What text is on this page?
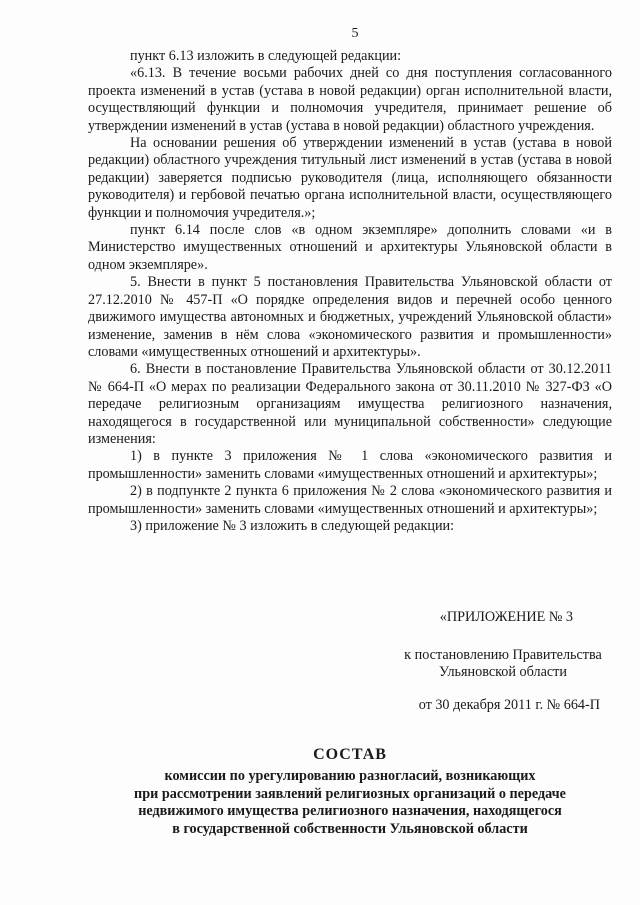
5

пункт 6.13 изложить в следующей редакции:

«6.13. В течение восьми рабочих дней со дня поступления согласованного проекта изменений в устав (устава в новой редакции) орган исполнительной власти, осуществляющий функции и полномочия учредителя, принимает решение об утверждении изменений в устав (устава в новой редакции) областного учреждения.

На основании решения об утверждении изменений в устав (устава в новой редакции) областного учреждения титульный лист изменений в устав (устава в новой редакции) заверяется подписью руководителя (лица, исполняющего обязанности руководителя) и гербовой печатью органа исполнительной власти, осуществляющего функции и полномочия учредителя.»;

пункт 6.14 после слов «в одном экземпляре» дополнить словами «и в Министерство имущественных отношений и архитектуры Ульяновской области в одном экземпляре».

5. Внести в пункт 5 постановления Правительства Ульяновской области от 27.12.2010 № 457-П «О порядке определения видов и перечней особо ценного движимого имущества автономных и бюджетных, учреждений Ульяновской области» изменение, заменив в нём слова «экономического развития и промышленности» словами «имущественных отношений и архитектуры».

6. Внести в постановление Правительства Ульяновской области от 30.12.2011 № 664-П «О мерах по реализации Федерального закона от 30.11.2010 № 327-ФЗ «О передаче религиозным организациям имущества религиозного назначения, находящегося в государственной или муниципальной собственности» следующие изменения:

1) в пункте 3 приложения № 1 слова «экономического развития и промышленности» заменить словами «имущественных отношений и архитектуры»;

2) в подпункте 2 пункта 6 приложения № 2 слова «экономического развития и промышленности» заменить словами «имущественных отношений и архитектуры»;

3) приложение № 3 изложить в следующей редакции:

«ПРИЛОЖЕНИЕ № 3
к постановлению Правительства
Ульяновской области
от 30 декабря 2011 г. № 664-П
СОСТАВ
комиссии по урегулированию разногласий, возникающих
при рассмотрении заявлений религиозных организаций о передаче
недвижимого имущества религиозного назначения, находящегося
в государственной собственности Ульяновской области
